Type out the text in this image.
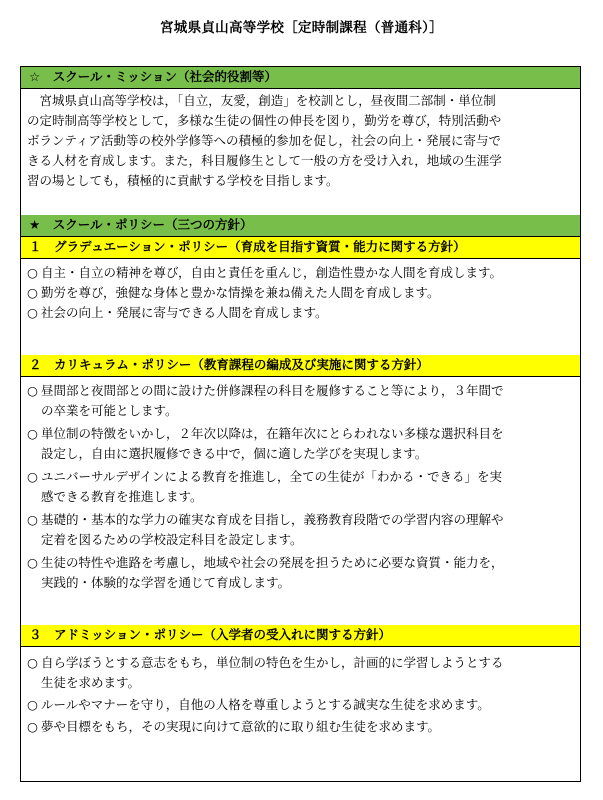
宮城県貞山高等学校［定時制課程（普通科）］
☆　スクール・ミッション（社会的役割等）
宮城県貞山高等学校は，「自立，友愛，創造」を校訓とし，昼夜間二部制・単位制
の定時制高等学校として，多様な生徒の個性の伸長を図り，勤労を尊び，特別活動や
ボランティア活動等の校外学修等への積極的参加を促し，社会の向上・発展に寄与で
きる人材を育成します。また，科目履修生として一般の方を受け入れ，地域の生涯学
習の場としても，積極的に貢献する学校を目指します。
★　スクール・ポリシー（三つの方針）
１　グラデュエーション・ポリシー（育成を目指す資質・能力に関する方針）
○ 自主・自立の精神を尊び，自由と責任を重んじ，創造性豊かな人間を育成します。
○ 勤労を尊び，強健な身体と豊かな情操を兼ね備えた人間を育成します。
○ 社会の向上・発展に寄与できる人間を育成します。
２　カリキュラム・ポリシー（教育課程の編成及び実施に関する方針）
○ 昼間部と夜間部との間に設けた併修課程の科目を履修すること等により，３年間で
の卒業を可能とします。
○ 単位制の特徴をいかし，２年次以降は，在籍年次にとらわれない多様な選択科目を
設定し，自由に選択履修できる中で，個に適した学びを実現します。
○ ユニバーサルデザインによる教育を推進し，全ての生徒が「わかる・できる」を実
感できる教育を推進します。
○ 基礎的・基本的な学力の確実な育成を目指し，義務教育段階での学習内容の理解や
定着を図るための学校設定科目を設定します。
○ 生徒の特性や進路を考慮し，地域や社会の発展を担うために必要な資質・能力を，
実践的・体験的な学習を通じて育成します。
３　アドミッション・ポリシー（入学者の受入れに関する方針）
○ 自ら学ぼうとする意志をもち，単位制の特色を生かし，計画的に学習しようとする
生徒を求めます。
○ ルールやマナーを守り，自他の人格を尊重しようとする誠実な生徒を求めます。
○ 夢や目標をもち，その実現に向けて意欲的に取り組む生徒を求めます。
